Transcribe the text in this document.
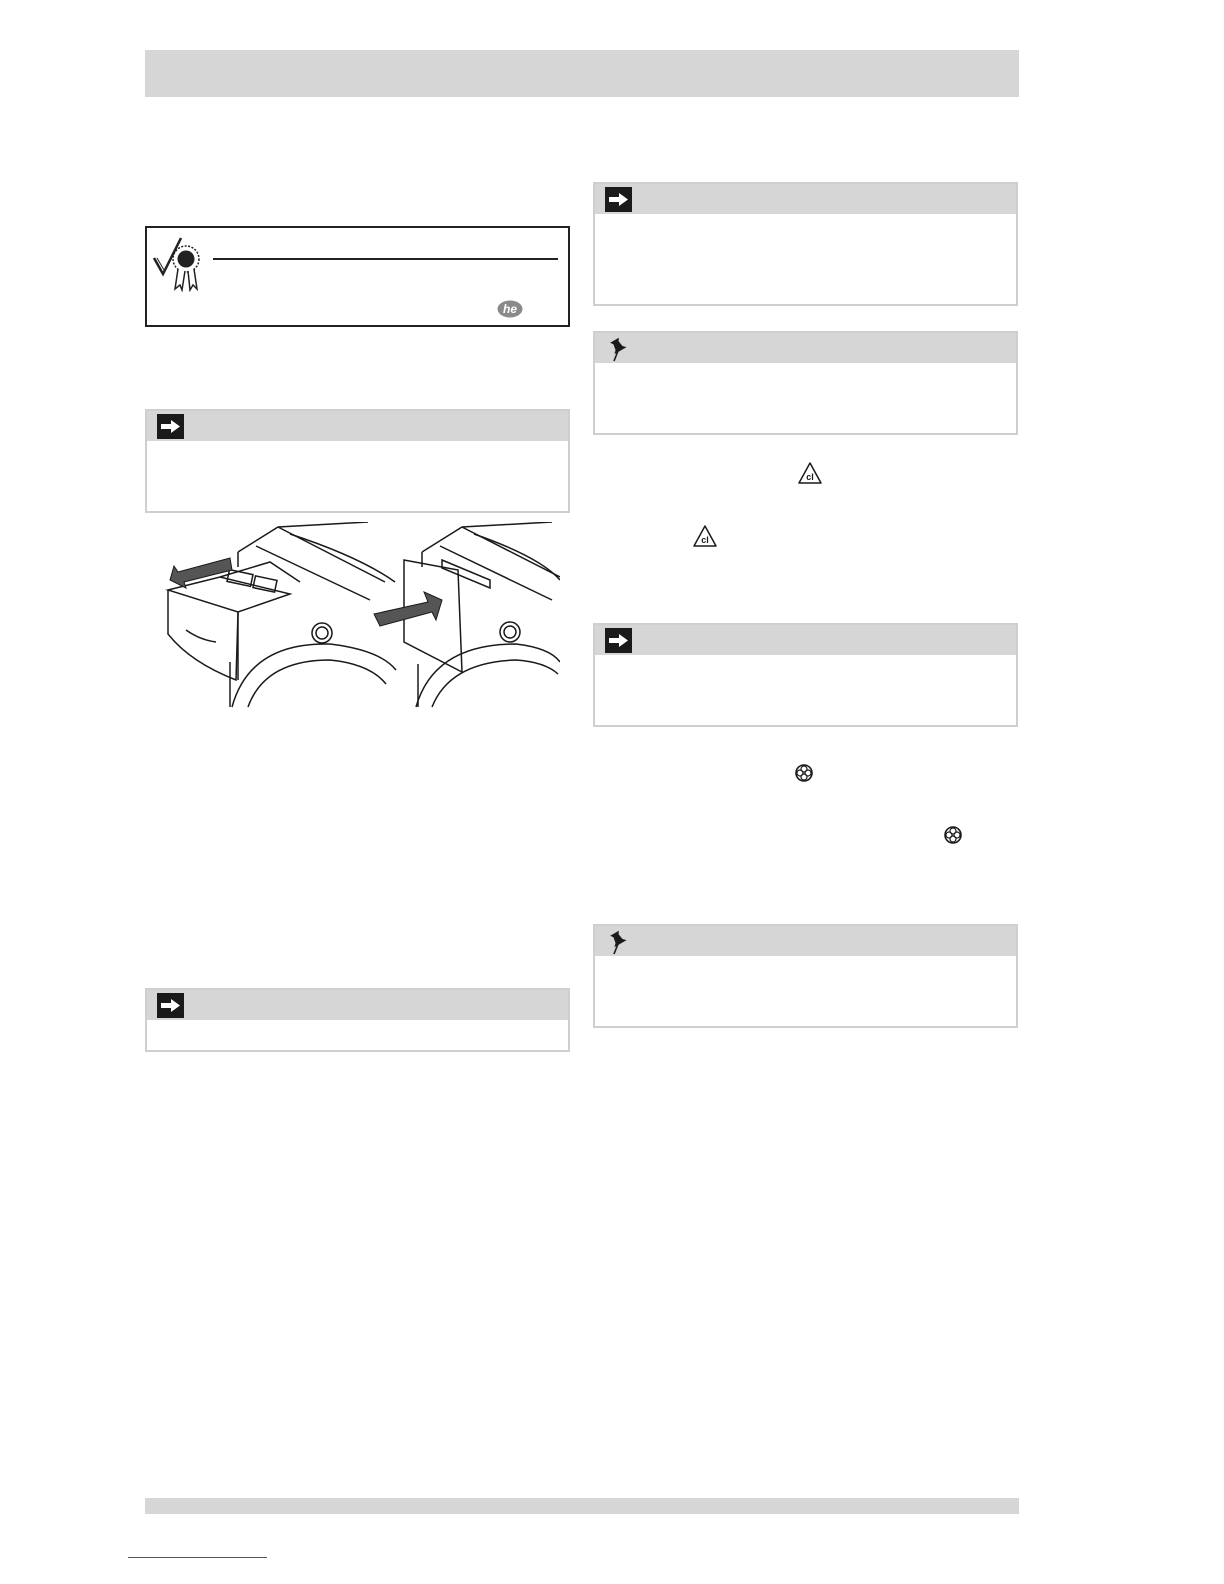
he
cl
cl
